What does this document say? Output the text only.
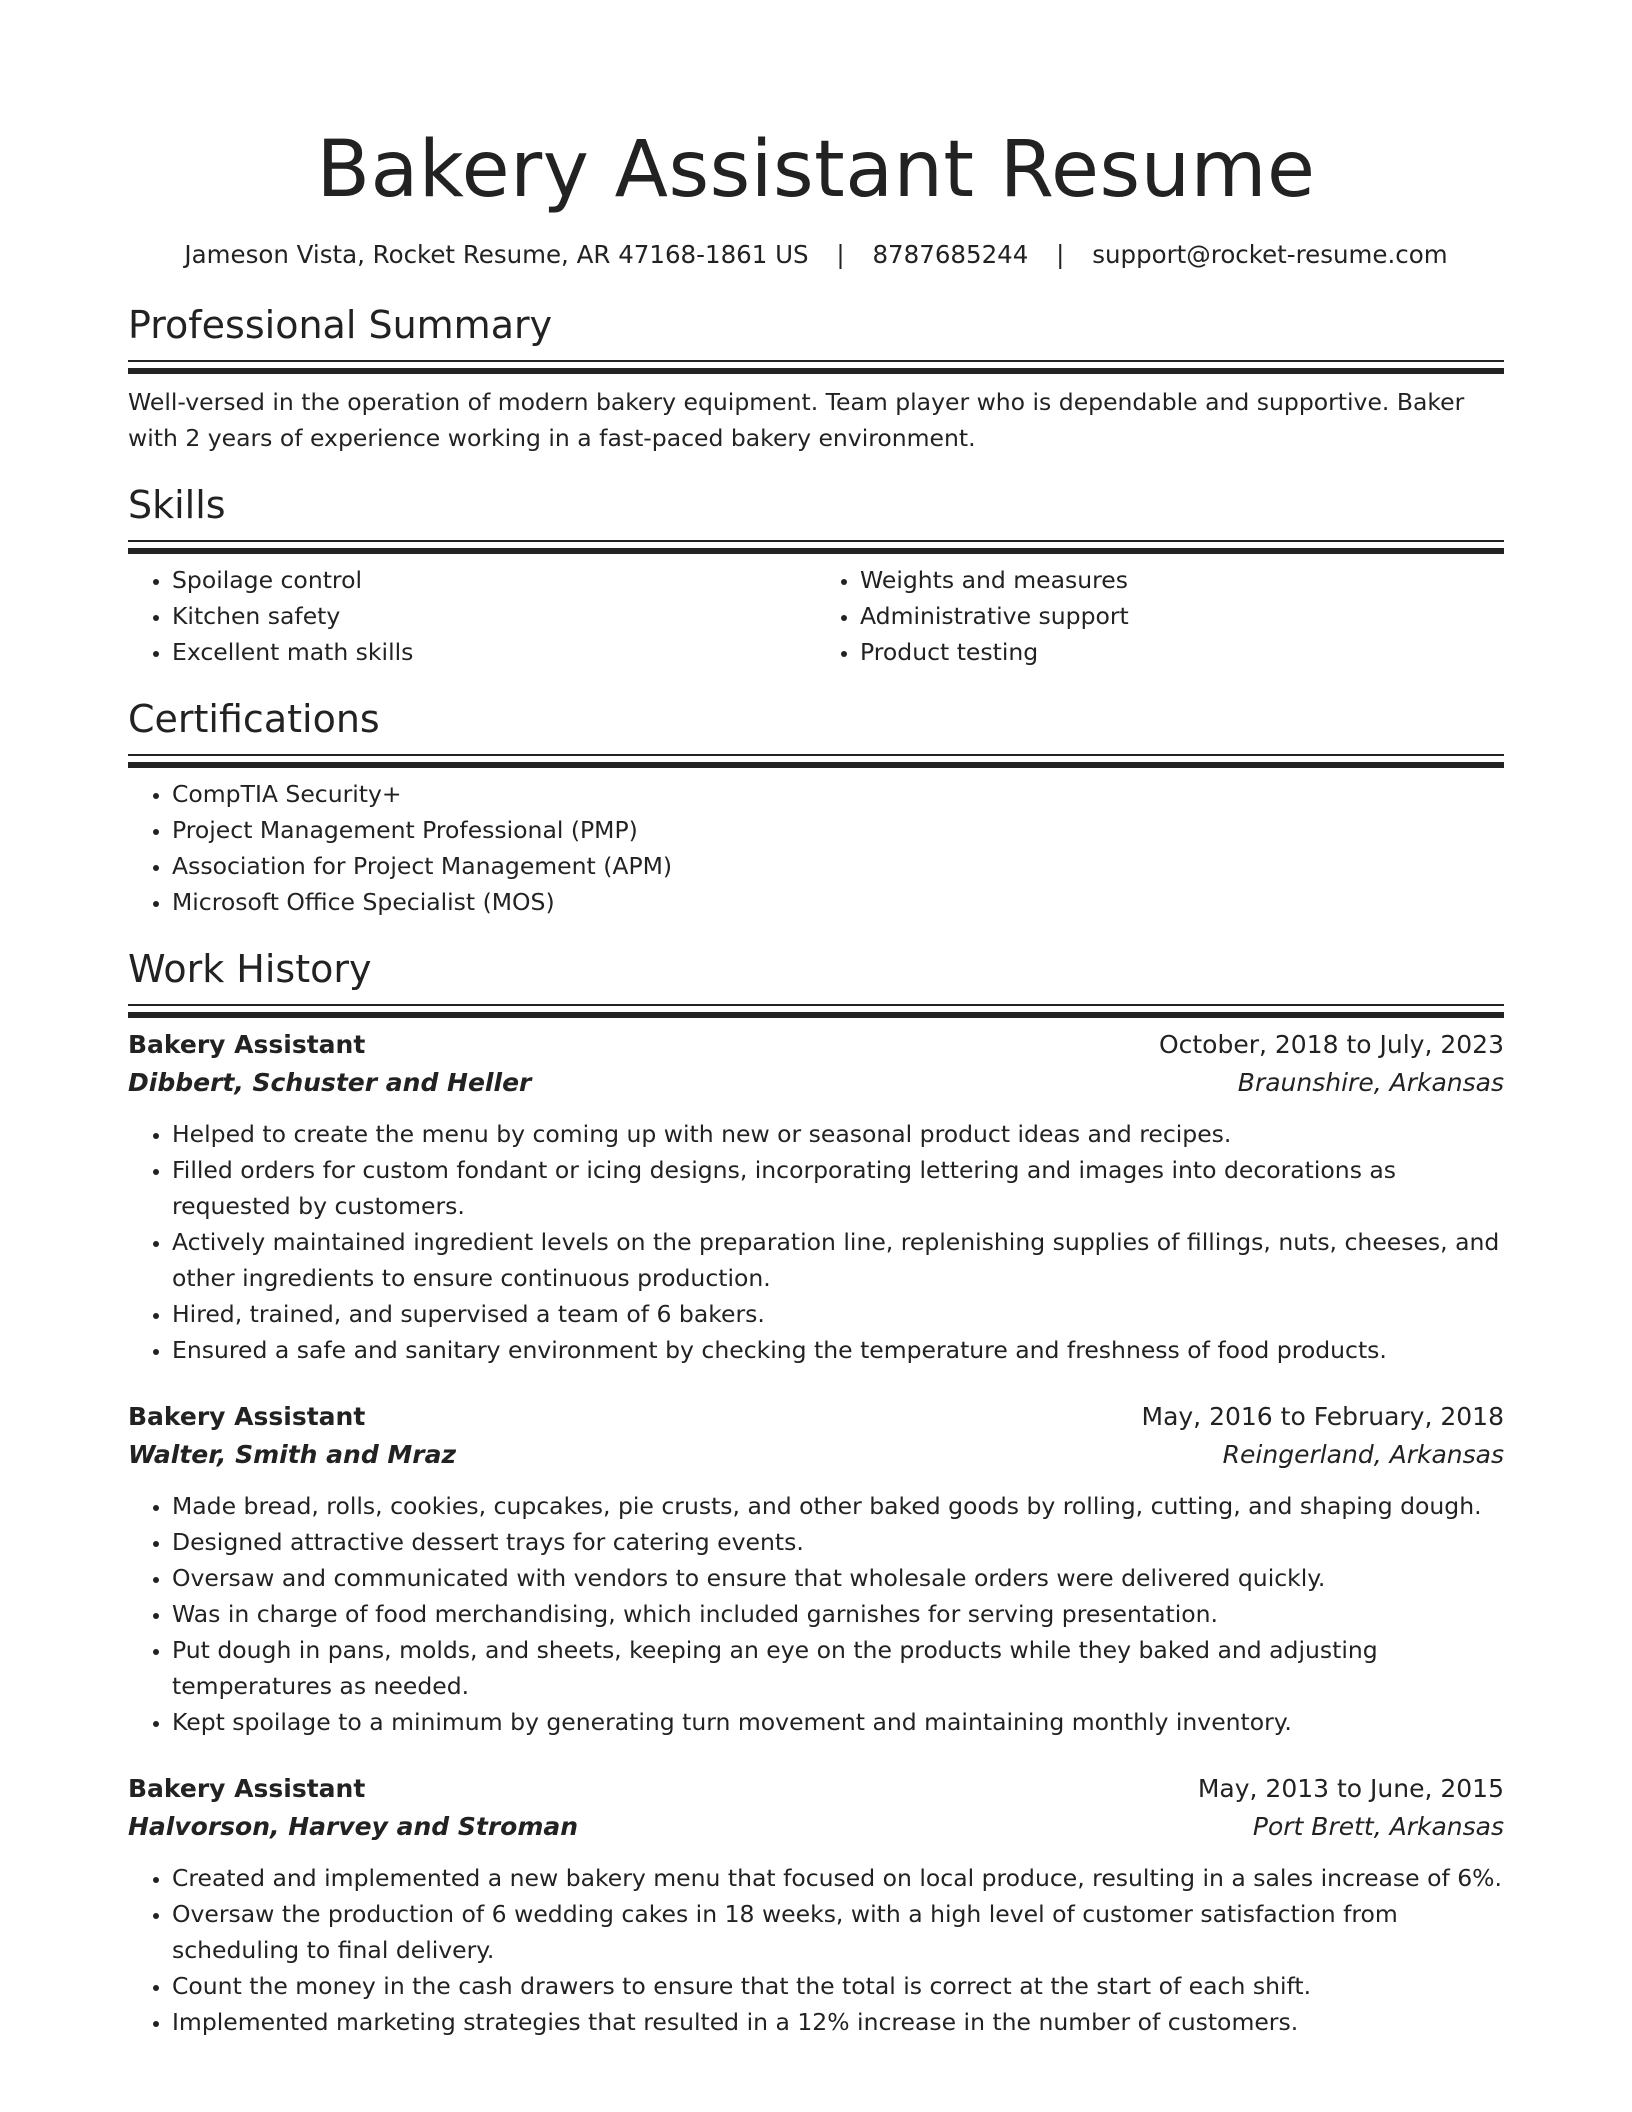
Bakery Assistant Resume
Jameson Vista, Rocket Resume, AR 47168-1861 US | 8787685244 | support@rocket-resume.com
Professional Summary

Well-versed in the operation of modern bakery equipment. Team player who is dependable and supportive. Baker with 2 years of experience working in a fast-paced bakery environment.

Skills
• Spoilage control
• Kitchen safety
• Excellent math skills
• Weights and measures
• Administrative support
• Product testing
Certifications
• CompTIA Security+
• Project Management Professional (PMP)
• Association for Project Management (APM)
• Microsoft Office Specialist (MOS)
Work History
Bakery Assistant	October, 2018 to July, 2023
Dibbert, Schuster and Heller	Braunshire, Arkansas
• Helped to create the menu by coming up with new or seasonal product ideas and recipes.
• Filled orders for custom fondant or icing designs, incorporating lettering and images into decorations as requested by customers.
• Actively maintained ingredient levels on the preparation line, replenishing supplies of fillings, nuts, cheeses, and other ingredients to ensure continuous production.
• Hired, trained, and supervised a team of 6 bakers.
• Ensured a safe and sanitary environment by checking the temperature and freshness of food products.
Bakery Assistant	May, 2016 to February, 2018
Walter, Smith and Mraz	Reingerland, Arkansas
• Made bread, rolls, cookies, cupcakes, pie crusts, and other baked goods by rolling, cutting, and shaping dough.
• Designed attractive dessert trays for catering events.
• Oversaw and communicated with vendors to ensure that wholesale orders were delivered quickly.
• Was in charge of food merchandising, which included garnishes for serving presentation.
• Put dough in pans, molds, and sheets, keeping an eye on the products while they baked and adjusting temperatures as needed.
• Kept spoilage to a minimum by generating turn movement and maintaining monthly inventory.
Bakery Assistant	May, 2013 to June, 2015
Halvorson, Harvey and Stroman	Port Brett, Arkansas
• Created and implemented a new bakery menu that focused on local produce, resulting in a sales increase of 6%.
• Oversaw the production of 6 wedding cakes in 18 weeks, with a high level of customer satisfaction from scheduling to final delivery.
• Count the money in the cash drawers to ensure that the total is correct at the start of each shift.
• Implemented marketing strategies that resulted in a 12% increase in the number of customers.
